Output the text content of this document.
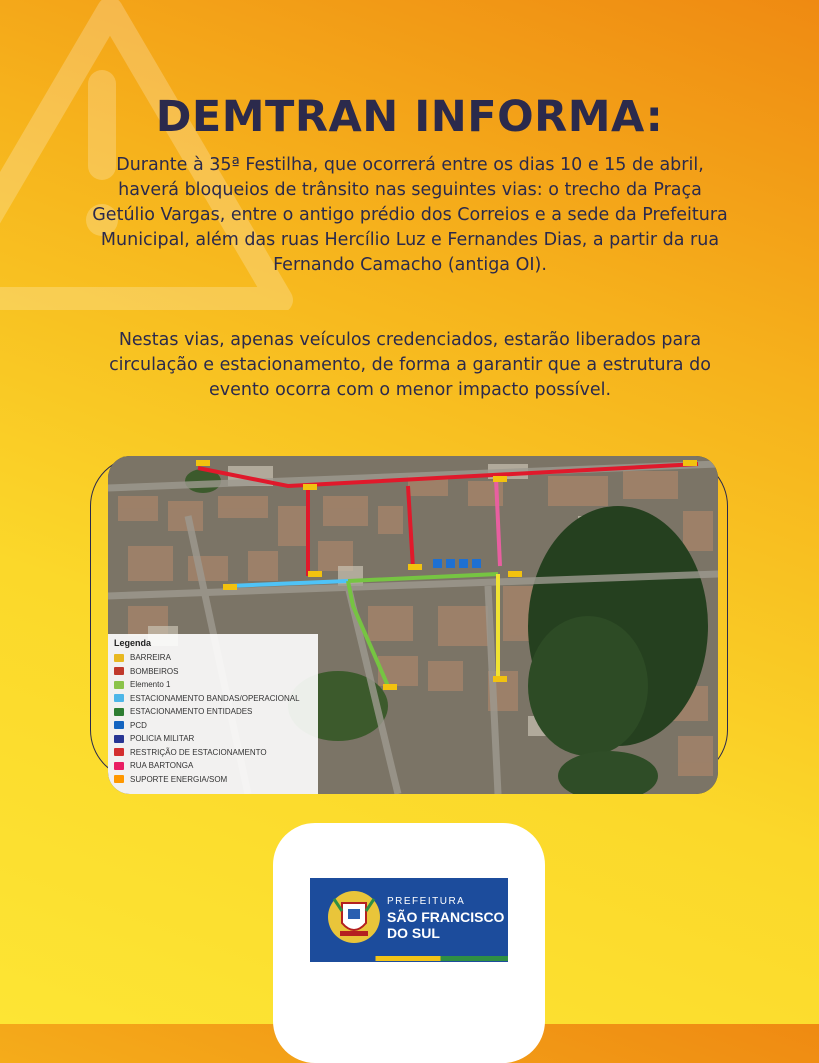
DEMTRAN INFORMA:

Durante à 35ª Festilha, que ocorrerá entre os dias 10 e 15 de abril, haverá bloqueios de trânsito nas seguintes vias: o trecho da Praça Getúlio Vargas, entre o antigo prédio dos Correios e a sede da Prefeitura Municipal, além das ruas Hercílio Luz e Fernandes Dias, a partir da rua Fernando Camacho (antiga OI).

Nestas vias, apenas veículos credenciados, estarão liberados para circulação e estacionamento, de forma a garantir que a estrutura do evento ocorra com o menor impacto possível.

Legenda
BARREIRA
BOMBEIROS
Elemento 1
ESTACIONAMENTO BANDAS/OPERACIONAL
ESTACIONAMENTO ENTIDADES
PCD
POLICIA MILITAR
RESTRIÇÃO DE ESTACIONAMENTO
RUA BARTONGA
SUPORTE ENERGIA/SOM
PREFEITURA
SÃO FRANCISCO
DO SUL
